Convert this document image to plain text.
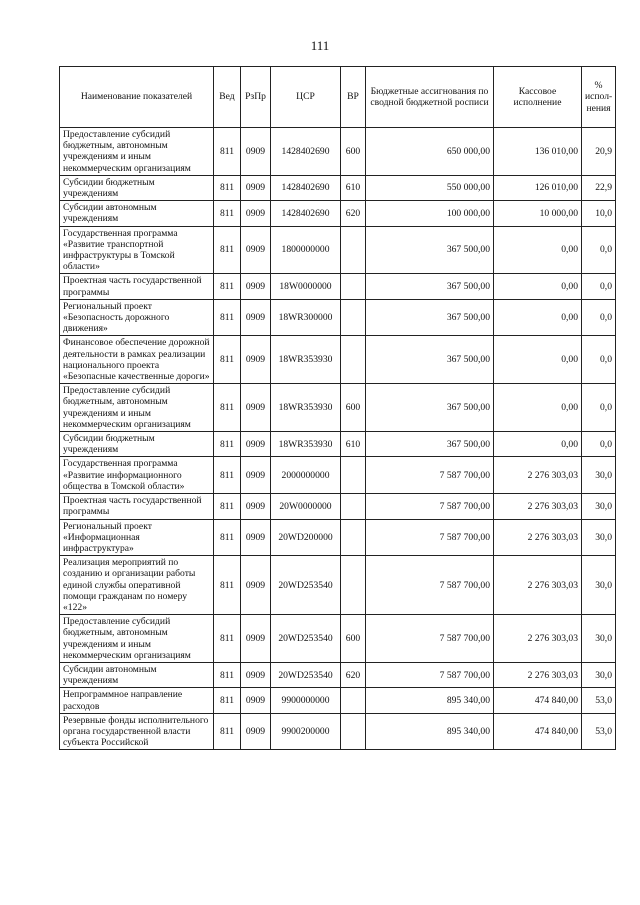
111
Наименование показателей	Вед	РзПр	ЦСР	ВР	Бюджетные ассигнования по сводной бюджетной росписи	Кассовое исполнение	% испол-нения
Предоставление субсидий бюджетным, автономным учреждениям и иным некоммерческим организациям	811	0909	1428402690	600	650 000,00	136 010,00	20,9
Субсидии бюджетным учреждениям	811	0909	1428402690	610	550 000,00	126 010,00	22,9
Субсидии автономным учреждениям	811	0909	1428402690	620	100 000,00	10 000,00	10,0
Государственная программа «Развитие транспортной инфраструктуры в Томской области»	811	0909	1800000000		367 500,00	0,00	0,0
Проектная часть государственной программы	811	0909	18W0000000		367 500,00	0,00	0,0
Региональный проект «Безопасность дорожного движения»	811	0909	18WR300000		367 500,00	0,00	0,0
Финансовое обеспечение дорожной деятельности в рамках реализации национального проекта «Безопасные качественные дороги»	811	0909	18WR353930		367 500,00	0,00	0,0
Предоставление субсидий бюджетным, автономным учреждениям и иным некоммерческим организациям	811	0909	18WR353930	600	367 500,00	0,00	0,0
Субсидии бюджетным учреждениям	811	0909	18WR353930	610	367 500,00	0,00	0,0
Государственная программа «Развитие информационного общества в Томской области»	811	0909	2000000000		7 587 700,00	2 276 303,03	30,0
Проектная часть государственной программы	811	0909	20W0000000		7 587 700,00	2 276 303,03	30,0
Региональный проект «Информационная инфраструктура»	811	0909	20WD200000		7 587 700,00	2 276 303,03	30,0
Реализация мероприятий по созданию и организации работы единой службы оперативной помощи гражданам по номеру «122»	811	0909	20WD253540		7 587 700,00	2 276 303,03	30,0
Предоставление субсидий бюджетным, автономным учреждениям и иным некоммерческим организациям	811	0909	20WD253540	600	7 587 700,00	2 276 303,03	30,0
Субсидии автономным учреждениям	811	0909	20WD253540	620	7 587 700,00	2 276 303,03	30,0
Непрограммное направление расходов	811	0909	9900000000		895 340,00	474 840,00	53,0
Резервные фонды исполнительного органа государственной власти субъекта Российской	811	0909	9900200000		895 340,00	474 840,00	53,0
